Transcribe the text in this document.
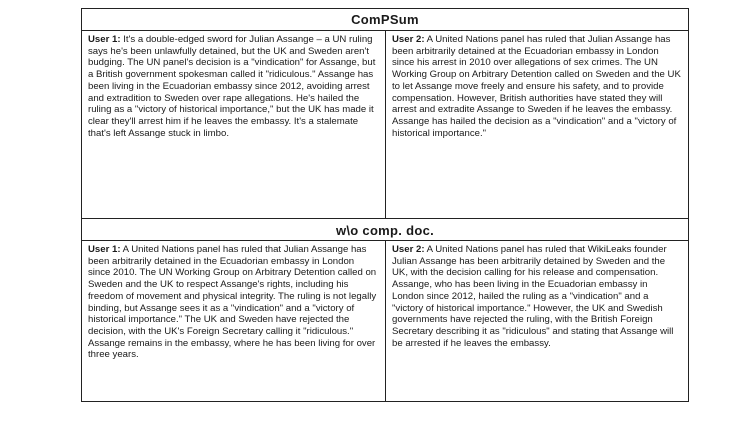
ComPSum
User 1: It's a double-edged sword for Julian Assange – a UN ruling says he's been unlawfully detained, but the UK and Sweden aren't budging. The UN panel's decision is a "vindication" for Assange, but a British government spokesman called it "ridiculous." Assange has been living in the Ecuadorian embassy since 2012, avoiding arrest and extradition to Sweden over rape allegations. He's hailed the ruling as a "victory of historical importance," but the UK has made it clear they'll arrest him if he leaves the embassy. It's a stalemate that's left Assange stuck in limbo.
User 2: A United Nations panel has ruled that Julian Assange has been arbitrarily detained at the Ecuadorian embassy in London since his arrest in 2010 over allegations of sex crimes. The UN Working Group on Arbitrary Detention called on Sweden and the UK to let Assange move freely and ensure his safety, and to provide compensation. However, British authorities have stated they will arrest and extradite Assange to Sweden if he leaves the embassy. Assange has hailed the decision as a "vindication" and a "victory of historical importance."
w\o comp. doc.
User 1: A United Nations panel has ruled that Julian Assange has been arbitrarily detained in the Ecuadorian embassy in London since 2010. The UN Working Group on Arbitrary Detention called on Sweden and the UK to respect Assange's rights, including his freedom of movement and physical integrity. The ruling is not legally binding, but Assange sees it as a "vindication" and a "victory of historical importance." The UK and Sweden have rejected the decision, with the UK's Foreign Secretary calling it "ridiculous." Assange remains in the embassy, where he has been living for over three years.
User 2: A United Nations panel has ruled that WikiLeaks founder Julian Assange has been arbitrarily detained by Sweden and the UK, with the decision calling for his release and compensation. Assange, who has been living in the Ecuadorian embassy in London since 2012, hailed the ruling as a "vindication" and a "victory of historical importance." However, the UK and Swedish governments have rejected the ruling, with the British Foreign Secretary describing it as "ridiculous" and stating that Assange will be arrested if he leaves the embassy.
